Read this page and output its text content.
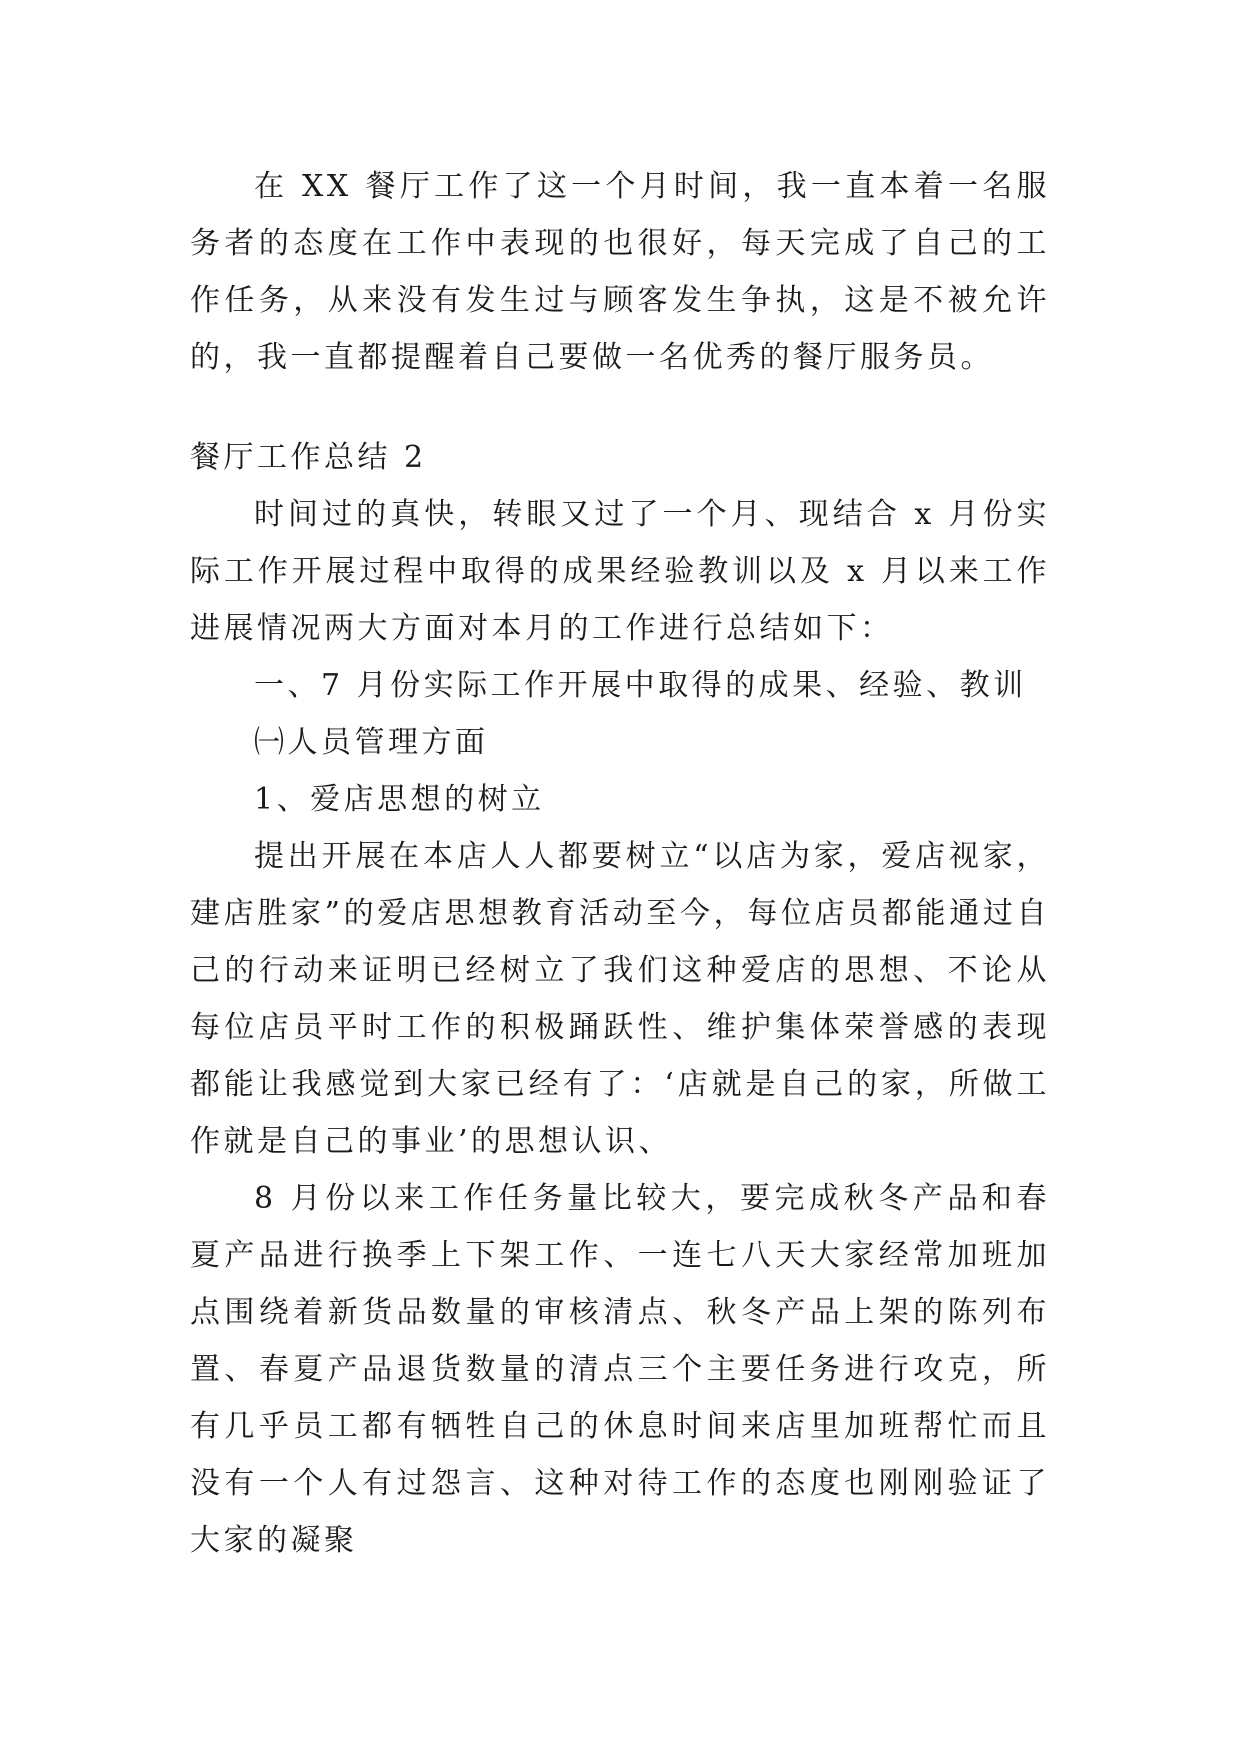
在 XX 餐厅工作了这一个月时间，我一直本着一名服务者的态度在工作中表现的也很好，每天完成了自己的工作任务，从来没有发生过与顾客发生争执，这是不被允许的，我一直都提醒着自己要做一名优秀的餐厅服务员。

餐厅工作总结 2

时间过的真快，转眼又过了一个月、现结合 x 月份实际工作开展过程中取得的成果经验教训以及 x 月以来工作进展情况两大方面对本月的工作进行总结如下：

一、7 月份实际工作开展中取得的成果、经验、教训

㈠人员管理方面

1、爱店思想的树立

提出开展在本店人人都要树立“以店为家，爱店视家，建店胜家”的爱店思想教育活动至今，每位店员都能通过自己的行动来证明已经树立了我们这种爱店的思想、不论从每位店员平时工作的积极踊跃性、维护集体荣誉感的表现都能让我感觉到大家已经有了：‘店就是自己的家，所做工作就是自己的事业’的思想认识、

8 月份以来工作任务量比较大，要完成秋冬产品和春夏产品进行换季上下架工作、一连七八天大家经常加班加点围绕着新货品数量的审核清点、秋冬产品上架的陈列布置、春夏产品退货数量的清点三个主要任务进行攻克，所有几乎员工都有牺牲自己的休息时间来店里加班帮忙而且没有一个人有过怨言、这种对待工作的态度也刚刚验证了大家的凝聚
